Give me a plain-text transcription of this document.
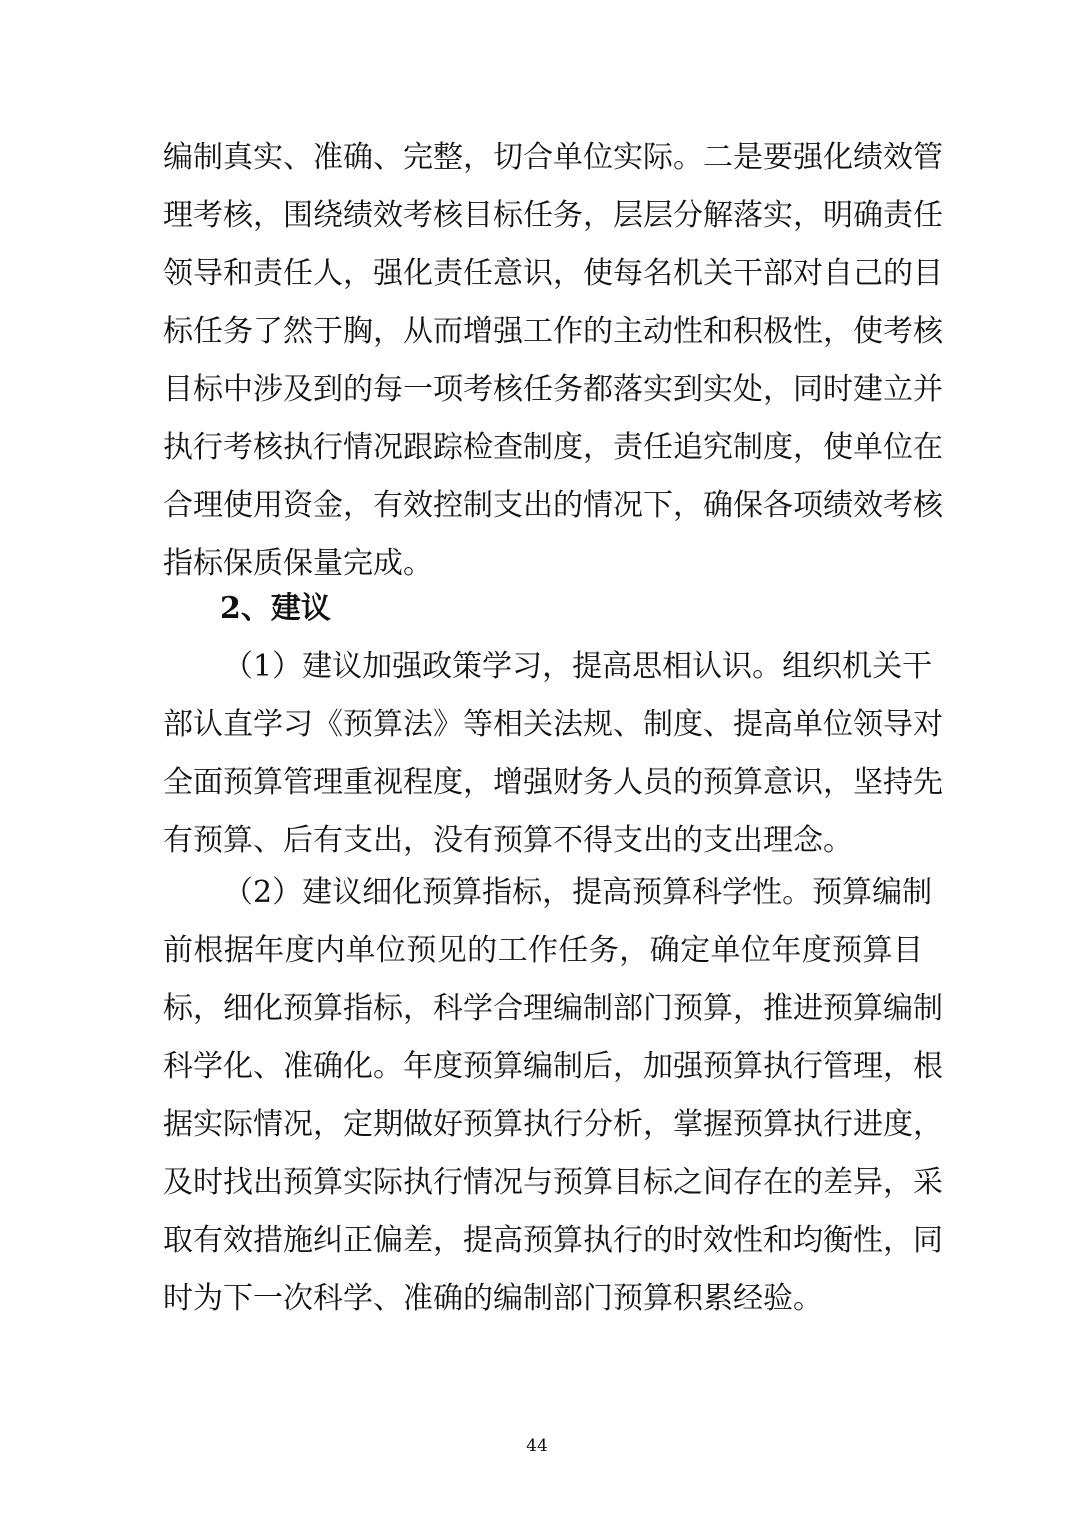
编制真实、准确、完整，切合单位实际。二是要强化绩效管
理考核，围绕绩效考核目标任务，层层分解落实，明确责任
领导和责任人，强化责任意识，使每名机关干部对自己的目
标任务了然于胸，从而增强工作的主动性和积极性，使考核
目标中涉及到的每一项考核任务都落实到实处，同时建立并
执行考核执行情况跟踪检查制度，责任追究制度，使单位在
合理使用资金，有效控制支出的情况下，确保各项绩效考核
指标保质保量完成。
2、建议
（1）建议加强政策学习，提高思相认识。组织机关干
部认直学习《预算法》等相关法规、制度、提高单位领导对
全面预算管理重视程度，增强财务人员的预算意识，坚持先
有预算、后有支出，没有预算不得支出的支出理念。
（2）建议细化预算指标，提高预算科学性。预算编制
前根据年度内单位预见的工作任务，确定单位年度预算目
标，细化预算指标，科学合理编制部门预算，推进预算编制
科学化、准确化。年度预算编制后，加强预算执行管理，根
据实际情况，定期做好预算执行分析，掌握预算执行进度，
及时找出预算实际执行情况与预算目标之间存在的差异，采
取有效措施纠正偏差，提高预算执行的时效性和均衡性，同
时为下一次科学、准确的编制部门预算积累经验。
44
